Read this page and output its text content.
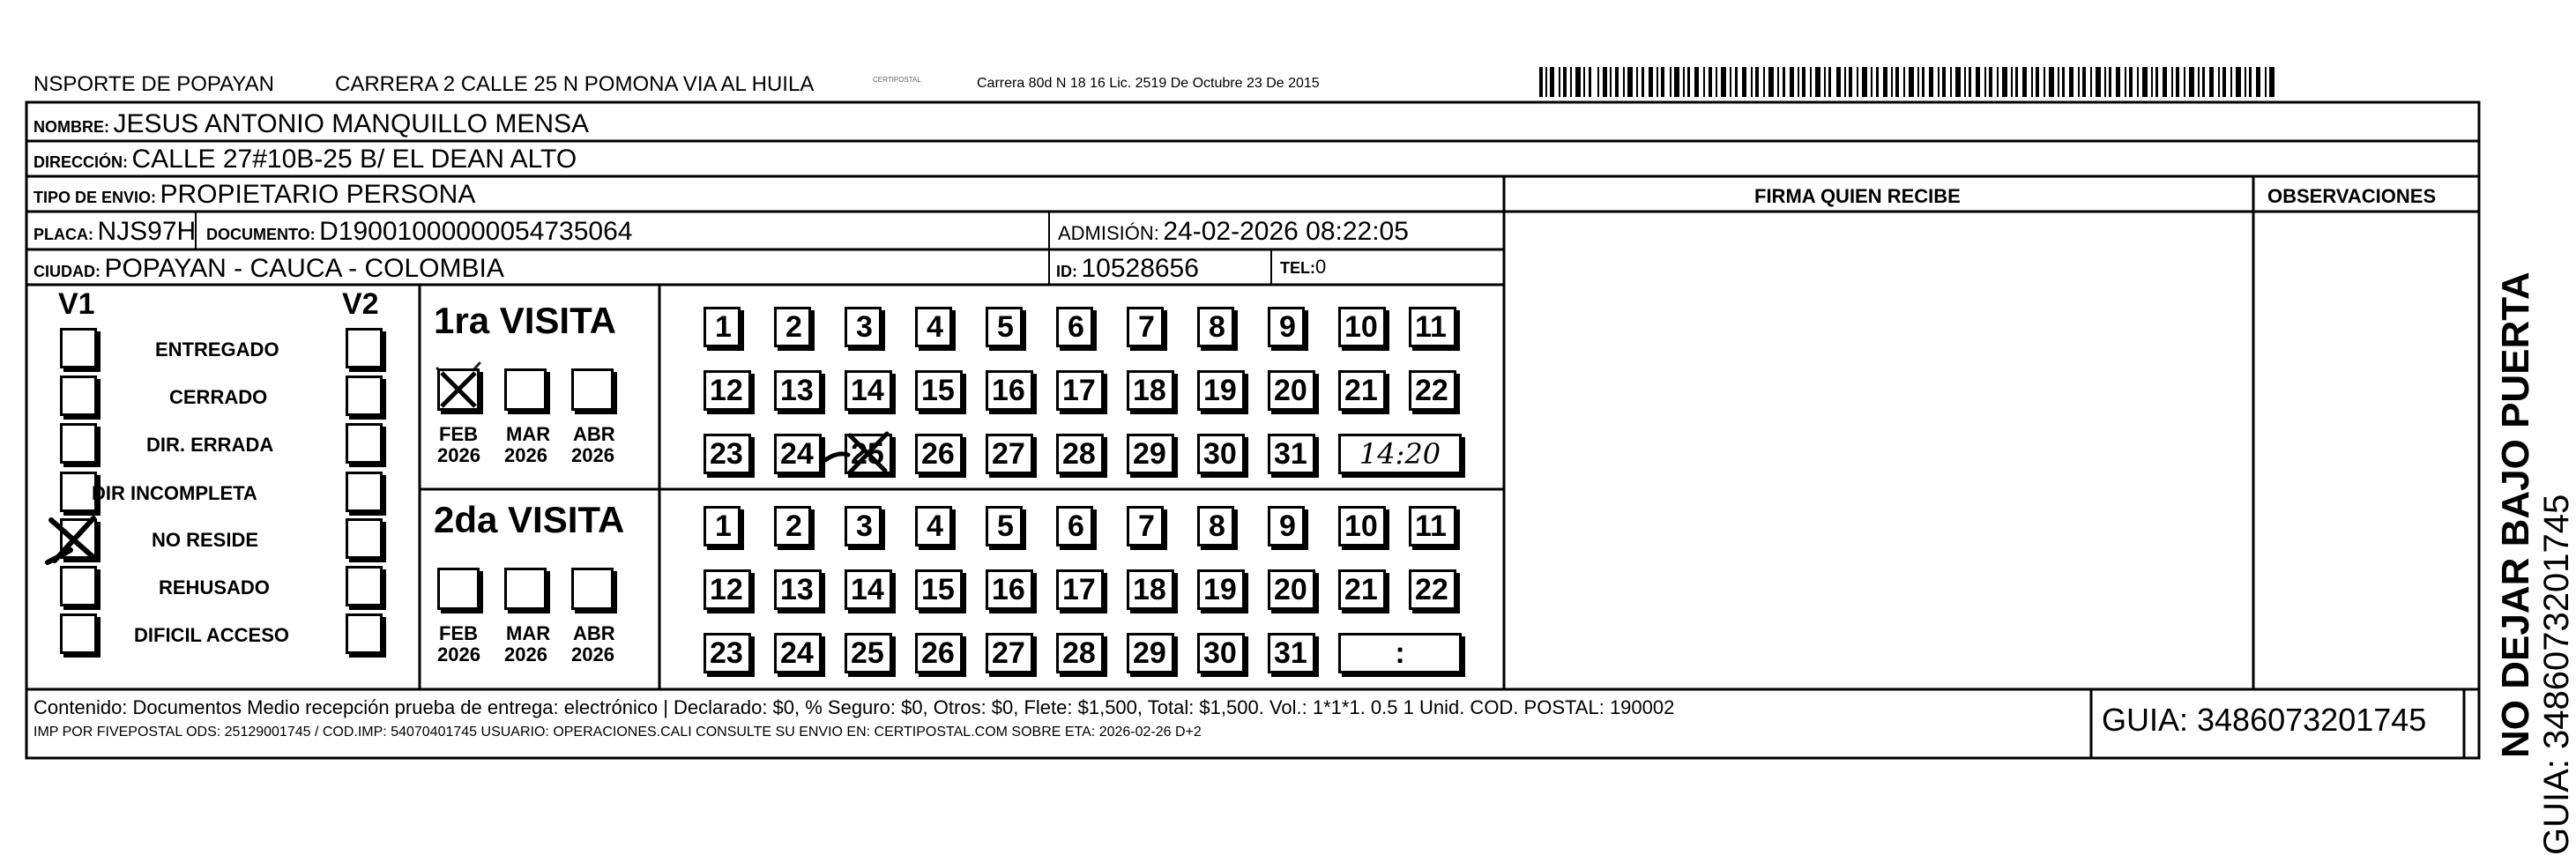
NSPORTE DE POPAYAN	CARRERA 2 CALLE 25 N POMONA VIA AL HUILA	CERTIPOSTAL	Carrera 80d N 18 16 Lic. 2519 De Octubre 23 De 2015
NOMBRE: JESUS ANTONIO MANQUILLO MENSA
DIRECCIÓN: CALLE 27#10B-25 B/ EL DEAN ALTO
TIPO DE ENVIO: PROPIETARIO PERSONA	FIRMA QUIEN RECIBE	OBSERVACIONES
PLACA: NJS97H DOCUMENTO: D19001000000054735064	ADMISIÓN: 24-02-2026 08:22:05
CIUDAD: POPAYAN - CAUCA - COLOMBIA	ID: 10528656	TEL:0
V1	V2
ENTREGADO
CERRADO
DIR. ERRADA
DIR INCOMPLETA
NO RESIDE
REHUSADO
DIFICIL ACCESO
1ra VISITA
FEB
2026
MAR
2026
ABR
2026
1	2	3	4	5	6	7	8	9 10 11
12 13 14 15 16 17 18 19 20 21 22
23 24 25 26 27 28 29 30 31	14:20
2da VISITA
FEB
2026
MAR
2026
ABR
2026
1	2	3	4	5	6	7	8	9 10 11
12 13 14 15 16 17 18 19 20 21 22
23 24 25 26 27 28 29 30 31	:
Contenido: Documentos Medio recepción prueba de entrega: electrónico | Declarado: $0, % Seguro: $0, Otros: $0, Flete: $1,500, Total: $1,500. Vol.: 1*1*1. 0.5 1 Unid. COD. POSTAL: 190002
IMP POR FIVEPOSTAL ODS: 25129001745 / COD.IMP: 54070401745 USUARIO: OPERACIONES.CALI CONSULTE SU ENVIO EN: CERTIPOSTAL.COM SOBRE ETA: 2026-02-26 D+2	GUIA: 3486073201745 NO DEJAR BAJO PUERTA GUIA: 3486073201745
